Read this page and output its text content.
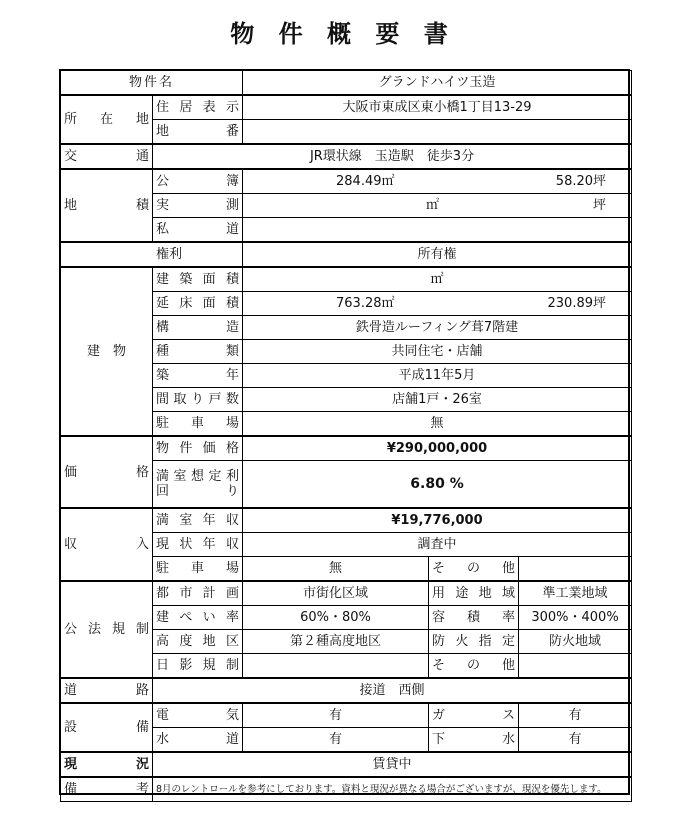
物 件 概 要 書
物件名		グランドハイツ玉造		
所　在　地	住居表示	大阪市東成区東小橋1丁目13-29		
	地番			
交　通	JR環状線　玉造駅　徒歩3分			
地　積	公簿	284.49㎡ 58.20坪		

	実測	㎡ 坪		

	私道			
権利		所有権		
建　物	建築面積	㎡		
	延床面積	763.28㎡ 230.89坪		

	構造	鉄骨造ルーフィング葺7階建		
	種類	共同住宅・店舗		
	築年	平成11年5月		
	間取り戸数	店舗1戸・26室		
	駐車場	無		
価　格	物件価格	¥290,000,000		

	満室想定利
回り	6.80 %		
収　入	満室年収	¥19,776,000		
	現状年収	調査中		
	駐車場	無	その他	
公法規制	都市計画	市街化区域	用途地域	準工業地域
	建ぺい率	60%・80%	容積率	300%・400%
	高度地区	第２種高度地区	防火指定	防火地域
	日影規制		その他	
道　路	接道　西側			
設　備	電気	有	ガス	有
	水道	有	下水	有
現　況	賃貸中			
備　考	8月のレントロールを参考にしております。資料と現況が異なる場合がございますが、現況を優先します。			
